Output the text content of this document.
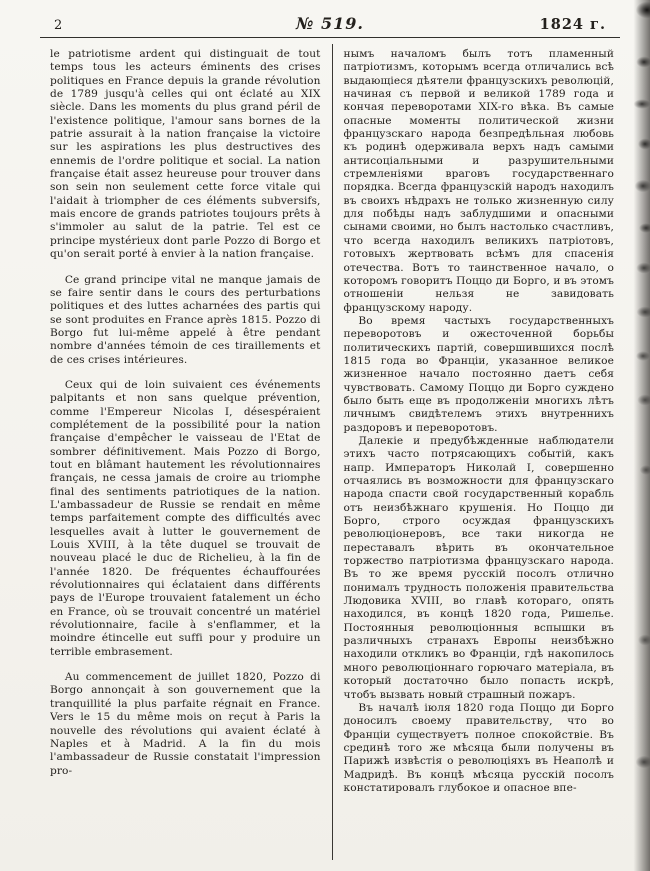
2	№ 519.	1824 г.

le patriotisme ardent qui distinguait de tout temps tous les acteurs éminents des crises politiques en France depuis la grande révolution de 1789 jusqu'à celles qui ont éclaté au XIX siècle. Dans les moments du plus grand péril de l'existence politique, l'amour sans bornes de la patrie assurait à la nation française la victoire sur les aspirations les plus destructives des ennemis de l'ordre politique et social. La nation française était assez heureuse pour trouver dans son sein non seulement cette force vitale qui l'aidait à triompher de ces éléments subversifs, mais encore de grands patriotes toujours prêts à s'immoler au salut de la patrie. Tel est ce principe mystérieux dont parle Pozzo di Borgo et qu'on serait porté à envier à la nation française.

Ce grand principe vital ne manque jamais de se faire sentir dans le cours des perturbations politiques et des luttes acharnées des partis qui se sont produites en France après 1815. Pozzo di Borgo fut lui-même appelé à être pendant nombre d'années témoin de ces tiraillements et de ces crises intérieures.

Ceux qui de loin suivaient ces événements palpitants et non sans quelque prévention, comme l'Empereur Nicolas I, désespéraient complétement de la possibilité pour la nation française d'empêcher le vaisseau de l'Etat de sombrer définitivement. Mais Pozzo di Borgo, tout en blâmant hautement les révolutionnaires français, ne cessa jamais de croire au triomphe final des sentiments patriotiques de la nation. L'ambassadeur de Russie se rendait en même temps parfaitement compte des difficultés avec lesquelles avait à lutter le gouvernement de Louis XVIII, à la tête duquel se trouvait de nouveau placé le duc de Richelieu, à la fin de l'année 1820. De fréquentes échauffourées révolutionnaires qui éclataient dans différents pays de l'Europe trouvaient fatalement un écho en France, où se trouvait concentré un matériel révolutionnaire, facile à s'enflammer, et la moindre étincelle eut suffi pour y produire un terrible embrasement.

Au commencement de juillet 1820, Pozzo di Borgo annonçait à son gouvernement que la tranquillité la plus parfaite régnait en France. Vers le 15 du même mois on reçut à Paris la nouvelle des révolutions qui avaient éclaté à Naples et à Madrid. A la fin du mois l'ambassadeur de Russie constatait l'impression pro-

нымъ началомъ былъ тотъ пламенный патріотизмъ, которымъ всегда отличались всѣ выдающіеся дѣятели французскихъ революцій, начиная съ первой и великой 1789 года и кончая переворотами XIX-го вѣка. Въ самые опасные моменты политической жизни французскаго народа безпредѣльная любовь къ родинѣ одерживала верхъ надъ самыми антисоціальными и разрушительными стремленіями враговъ государственнаго порядка. Всегда французскій народъ находилъ въ своихъ нѣдрахъ не только жизненную силу для побѣды надъ заблудшими и опасными сынами своими, но былъ настолько счастливъ, что всегда находилъ великихъ патріотовъ, готовыхъ жертвовать всѣмъ для спасенія отечества. Вотъ то таинственное начало, о которомъ говоритъ Поццо ди Борго, и въ этомъ отношеніи нельзя не завидовать французскому народу.

Во время частыхъ государственныхъ переворотовъ и ожесточенной борьбы политическихъ партій, совершившихся послѣ 1815 года во Франціи, указанное великое жизненное начало постоянно даетъ себя чувствовать. Самому Поццо ди Борго суждено было быть еще въ продолженіи многихъ лѣтъ личнымъ свидѣтелемъ этихъ внутреннихъ раздоровъ и переворотовъ.

Далекіе и предубѣжденные наблюдатели этихъ часто потрясающихъ событій, какъ напр. Императоръ Николай I, совершенно отчаялись въ возможности для французскаго народа спасти свой государственный корабль отъ неизбѣжнаго крушенія. Но Поццо ди Борго, строго осуждая французскихъ революціонеровъ, все таки никогда не переставалъ вѣрить въ окончательное торжество патріотизма французскаго народа. Въ то же время русскій посолъ отлично понималъ трудность положенія правительства Людовика XVIII, во главѣ котораго, опять находился, въ концѣ 1820 года, Ришелье. Постоянныя революціонныя вспышки въ различныхъ странахъ Европы неизбѣжно находили откликъ во Франціи, гдѣ накопилось много революціоннаго горючаго матеріала, въ который достаточно было попасть искрѣ, чтобъ вызвать новый страшный пожаръ.

Въ началѣ іюля 1820 года Поццо ди Борго доносилъ своему правительству, что во Франціи существуетъ полное спокойствіе. Въ срединѣ того же мѣсяца были получены въ Парижѣ извѣстія о революціяхъ въ Неаполѣ и Мадридѣ. Въ концѣ мѣсяца русскій посолъ констатировалъ глубокое и опасное впе-
